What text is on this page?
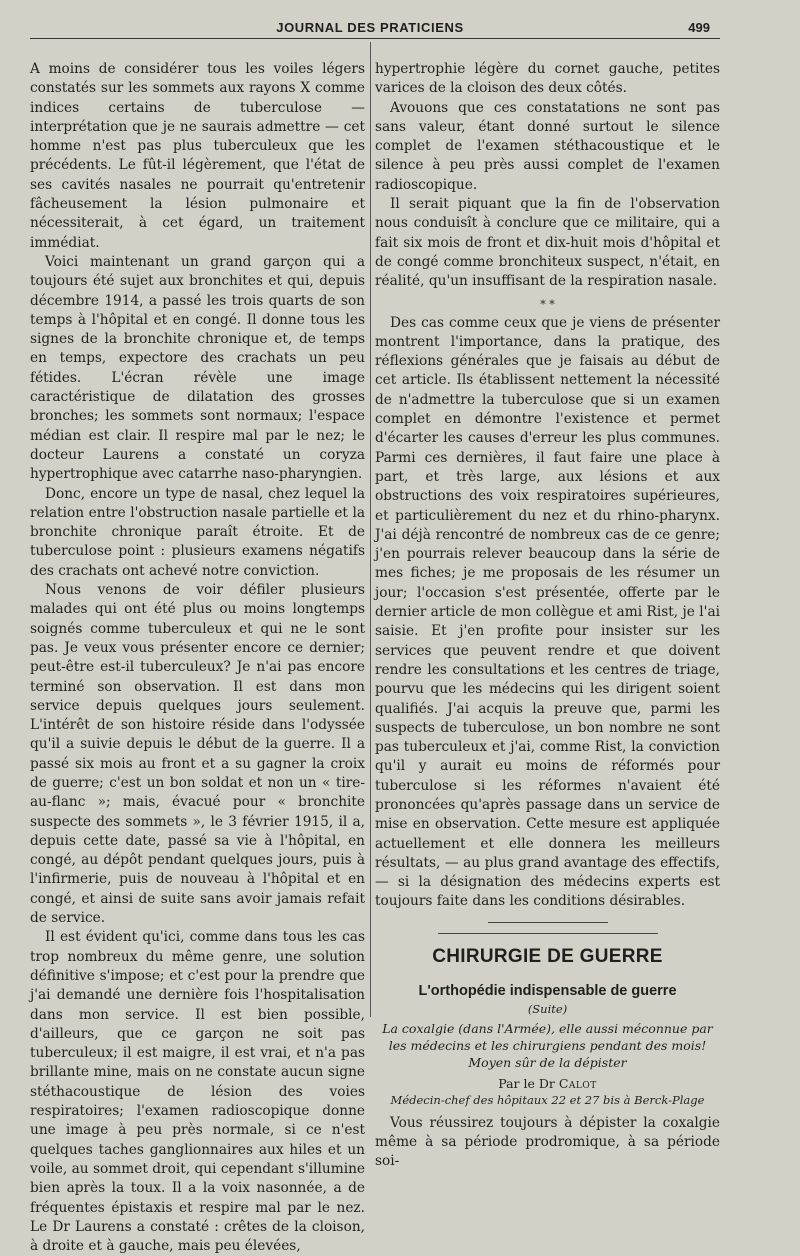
JOURNAL DES PRATICIENS	499

A moins de considérer tous les voiles légers constatés sur les sommets aux rayons X comme indices certains de tuberculose — interprétation que je ne saurais admettre — cet homme n'est pas plus tuberculeux que les précédents. Le fût-il légèrement, que l'état de ses cavités nasales ne pourrait qu'entretenir fâcheusement la lésion pulmonaire et nécessiterait, à cet égard, un traitement immédiat.

Voici maintenant un grand garçon qui a toujours été sujet aux bronchites et qui, depuis décembre 1914, a passé les trois quarts de son temps à l'hôpital et en congé. Il donne tous les signes de la bronchite chronique et, de temps en temps, expectore des crachats un peu fétides. L'écran révèle une image caractéristique de dilatation des grosses bronches; les sommets sont normaux; l'espace médian est clair. Il respire mal par le nez; le docteur Laurens a constaté un coryza hypertrophique avec catarrhe naso-pharyngien.

Donc, encore un type de nasal, chez lequel la relation entre l'obstruction nasale partielle et la bronchite chronique paraît étroite. Et de tuberculose point : plusieurs examens négatifs des crachats ont achevé notre conviction.

Nous venons de voir défiler plusieurs malades qui ont été plus ou moins longtemps soignés comme tuberculeux et qui ne le sont pas. Je veux vous présenter encore ce dernier; peut-être est-il tuberculeux? Je n'ai pas encore terminé son observation. Il est dans mon service depuis quelques jours seulement. L'intérêt de son histoire réside dans l'odyssée qu'il a suivie depuis le début de la guerre. Il a passé six mois au front et a su gagner la croix de guerre; c'est un bon soldat et non un « tire-au-flanc »; mais, évacué pour « bronchite suspecte des sommets », le 3 février 1915, il a, depuis cette date, passé sa vie à l'hôpital, en congé, au dépôt pendant quelques jours, puis à l'infirmerie, puis de nouveau à l'hôpital et en congé, et ainsi de suite sans avoir jamais refait de service.

Il est évident qu'ici, comme dans tous les cas trop nombreux du même genre, une solution définitive s'impose; et c'est pour la prendre que j'ai demandé une dernière fois l'hospitalisation dans mon service. Il est bien possible, d'ailleurs, que ce garçon ne soit pas tuberculeux; il est maigre, il est vrai, et n'a pas brillante mine, mais on ne constate aucun signe stéthacoustique de lésion des voies respiratoires; l'examen radioscopique donne une image à peu près normale, si ce n'est quelques taches ganglionnaires aux hiles et un voile, au sommet droit, qui cependant s'illumine bien après la toux. Il a la voix nasonnée, a de fréquentes épistaxis et respire mal par le nez. Le Dr Laurens a constaté : crêtes de la cloison, à droite et à gauche, mais peu élevées,

hypertrophie légère du cornet gauche, petites varices de la cloison des deux côtés.

Avouons que ces constatations ne sont pas sans valeur, étant donné surtout le silence complet de l'examen stéthacoustique et le silence à peu près aussi complet de l'examen radioscopique.

Il serait piquant que la fin de l'observation nous conduisît à conclure que ce militaire, qui a fait six mois de front et dix-huit mois d'hôpital et de congé comme bronchiteux suspect, n'était, en réalité, qu'un insuffisant de la respiration nasale.

* *

Des cas comme ceux que je viens de présenter montrent l'importance, dans la pratique, des réflexions générales que je faisais au début de cet article. Ils établissent nettement la nécessité de n'admettre la tuberculose que si un examen complet en démontre l'existence et permet d'écarter les causes d'erreur les plus communes. Parmi ces dernières, il faut faire une place à part, et très large, aux lésions et aux obstructions des voix respiratoires supérieures, et particulièrement du nez et du rhino-pharynx. J'ai déjà rencontré de nombreux cas de ce genre; j'en pourrais relever beaucoup dans la série de mes fiches; je me proposais de les résumer un jour; l'occasion s'est présentée, offerte par le dernier article de mon collègue et ami Rist, je l'ai saisie. Et j'en profite pour insister sur les services que peuvent rendre et que doivent rendre les consultations et les centres de triage, pourvu que les médecins qui les dirigent soient qualifiés. J'ai acquis la preuve que, parmi les suspects de tuberculose, un bon nombre ne sont pas tuberculeux et j'ai, comme Rist, la conviction qu'il y aurait eu moins de réformés pour tuberculose si les réformes n'avaient été prononcées qu'après passage dans un service de mise en observation. Cette mesure est appliquée actuellement et elle donnera les meilleurs résultats, — au plus grand avantage des effectifs, — si la désignation des médecins experts est toujours faite dans les conditions désirables.

CHIRURGIE DE GUERRE
L'orthopédie indispensable de guerre
(Suite)
La coxalgie (dans l'Armée), elle aussi méconnue par les médecins et les chirurgiens pendant des mois! Moyen sûr de la dépister
Par le Dr Calot
Médecin-chef des hôpitaux 22 et 27 bis à Berck-Plage

Vous réussirez toujours à dépister la coxalgie même à sa période prodromique, à sa période soi-
